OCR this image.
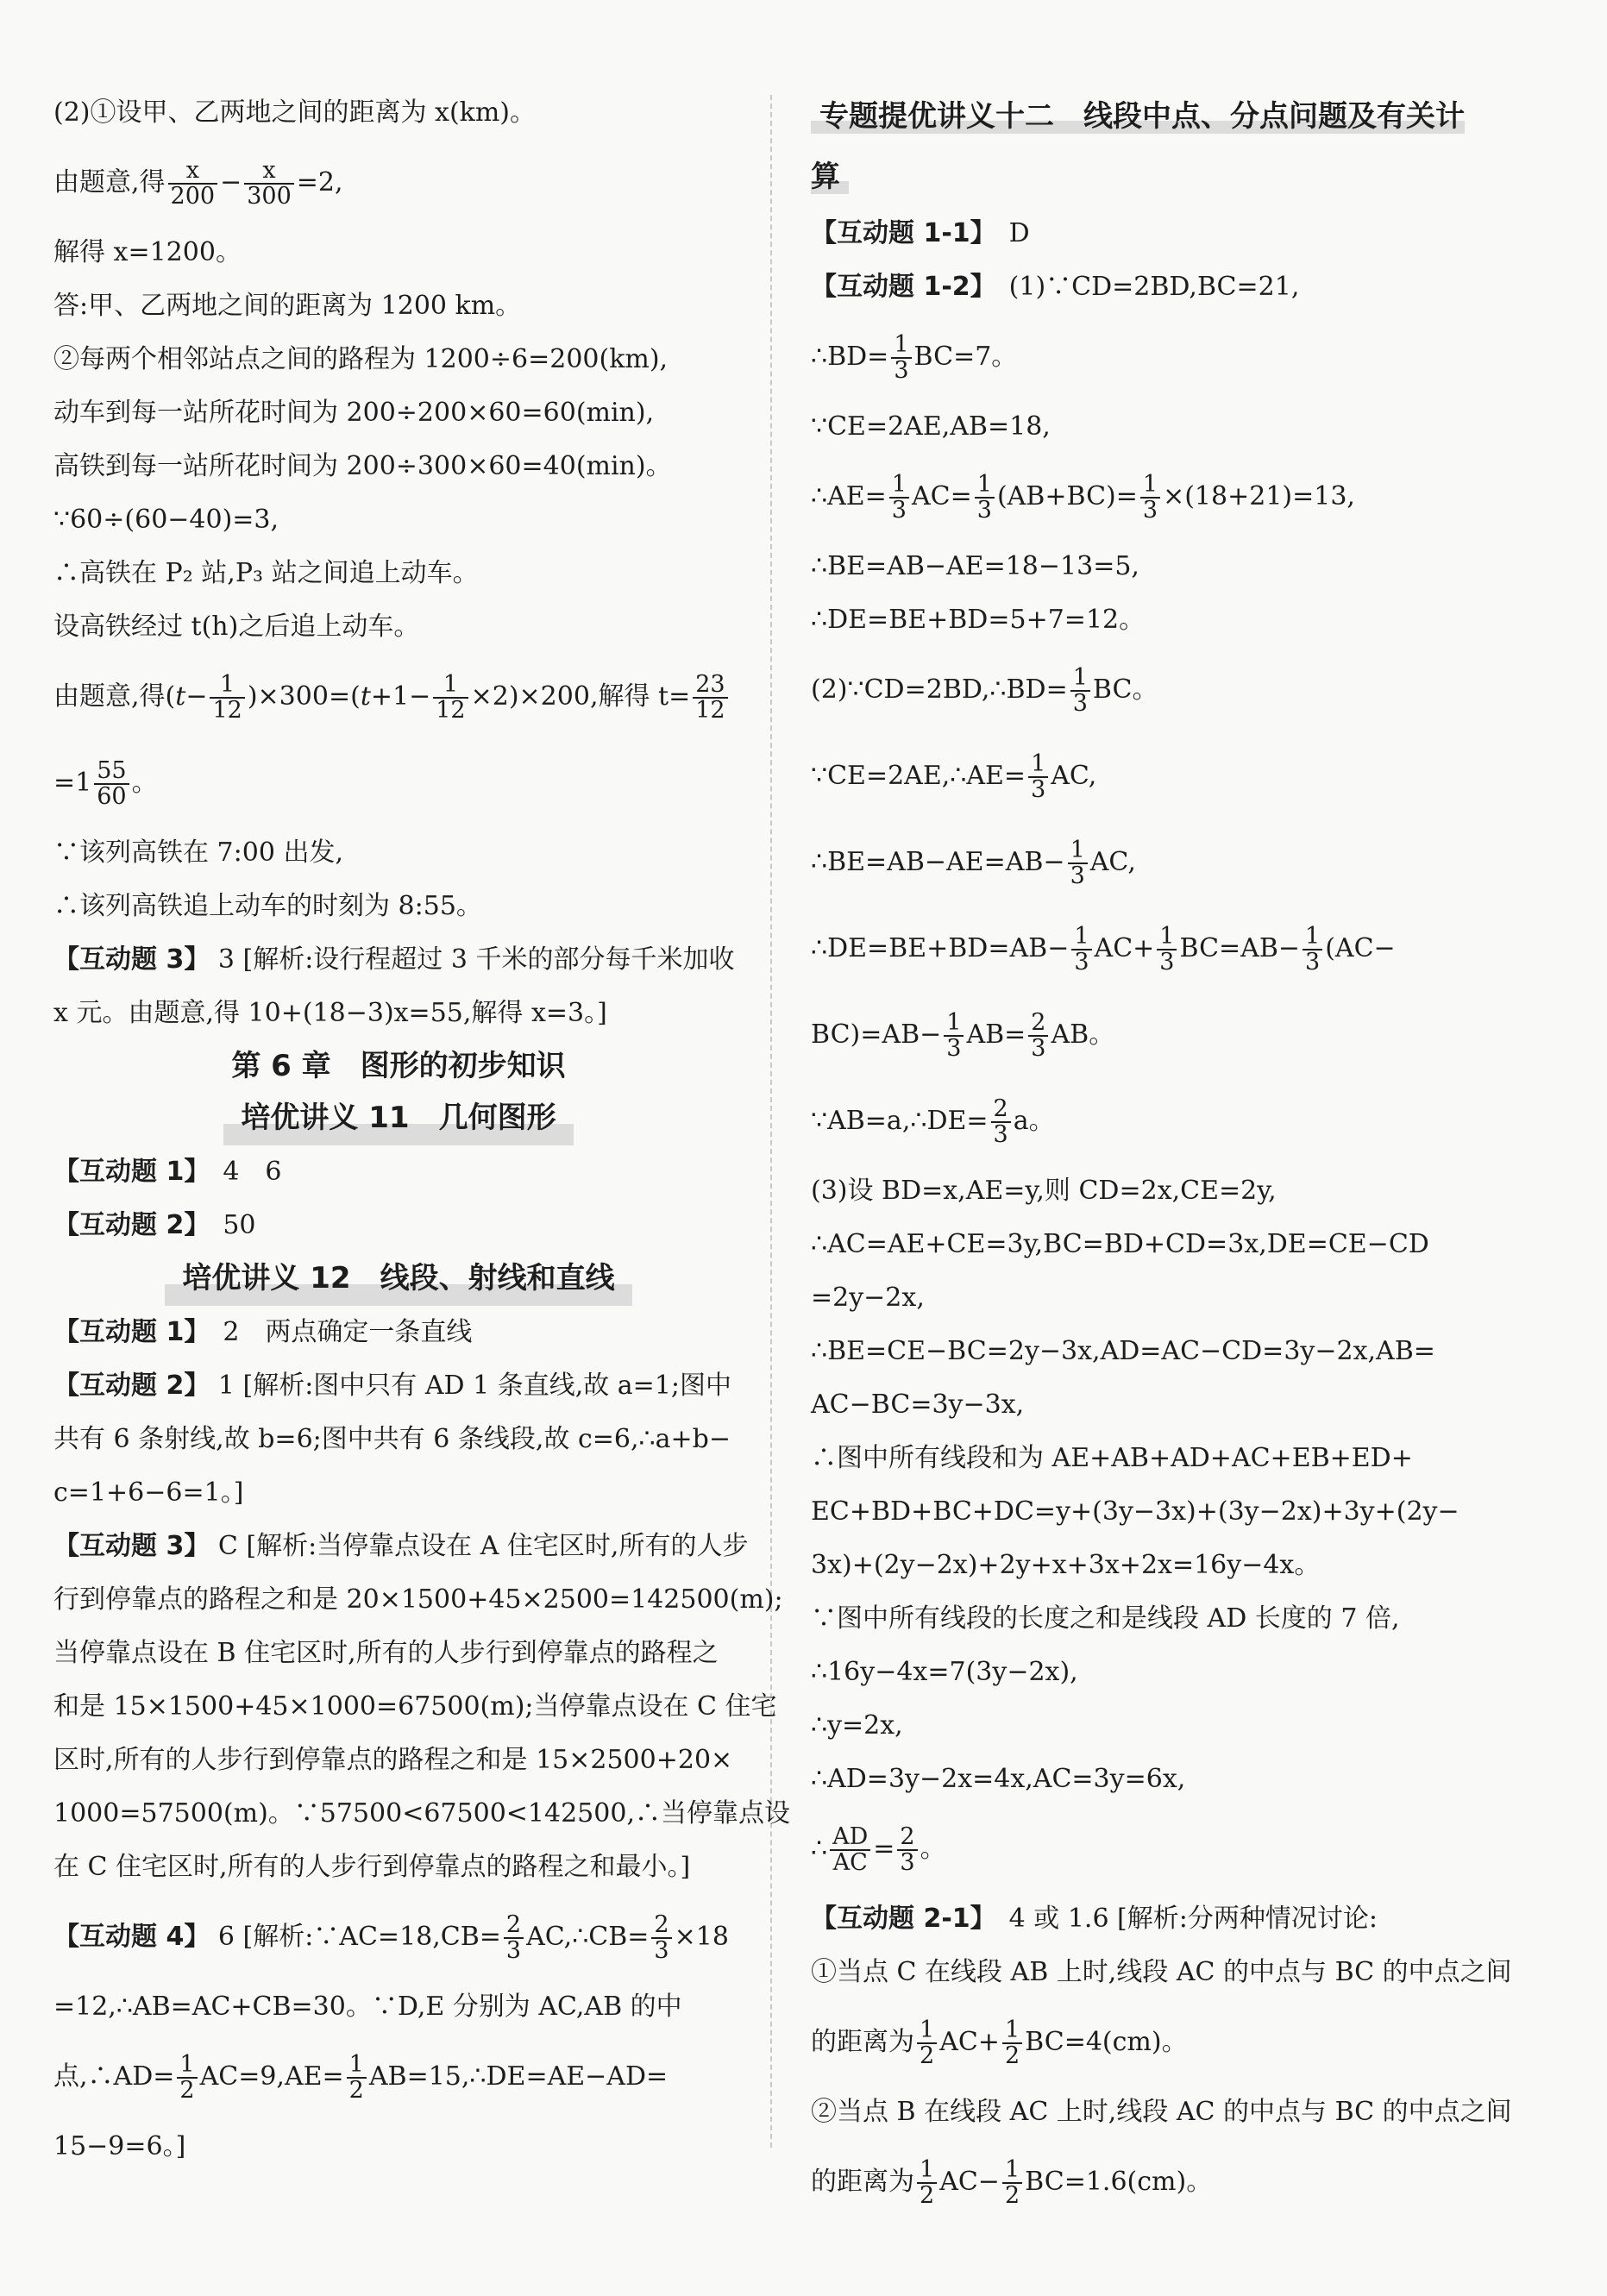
(2)①设甲、乙两地之间的距离为 x(km)。
由题意,得 $\frac{x}{200} - \frac{x}{300} =2$,
解得 x=1200。
答:甲、乙两地之间的距离为 1200 km。
②每两个相邻站点之间的路程为 1200÷6=200(km),
动车到每一站所花时间为 200÷200×60=60(min),
高铁到每一站所花时间为 200÷300×60=40(min)。
∵60÷(60−40)=3,
∴高铁在 P₂ 站,P₃ 站之间追上动车。
设高铁经过 t(h)之后追上动车。
由题意,得$(t- \frac{1}{12} )\times 300=(t+1- \frac{1}{12} \times 2)\times 200$,解得 $t= \frac{23}{12}$
$=1 \frac{55}{60}$ 。
∵该列高铁在 7:00 出发,
∴该列高铁追上动车的时刻为 8:55。
【互动题 3】 3 [解析:设行程超过 3 千米的部分每千米加收
x 元。由题意,得 10+(18−3)x=55,解得 x=3。]
第 6 章　图形的初步知识
培优讲义 11　几何图形
【互动题 1】　 4　6
【互动题 2】　 50
培优讲义 12　线段、射线和直线
【互动题 1】　 2　两点确定一条直线
【互动题 2】 1 [解析:图中只有 AD 1 条直线,故 a=1;图中
共有 6 条射线,故 b=6;图中共有 6 条线段,故 c=6,∴a+b−
c=1+6−6=1。]
【互动题 3】 C [解析:当停靠点设在 A 住宅区时,所有的人步
行到停靠点的路程之和是 20×1500+45×2500=142500(m);
当停靠点设在 B 住宅区时,所有的人步行到停靠点的路程之
和是 15×1500+45×1000=67500(m);当停靠点设在 C 住宅
区时,所有的人步行到停靠点的路程之和是 15×2500+20×
1000=57500(m)。∵57500<67500<142500,∴当停靠点设
在 C 住宅区时,所有的人步行到停靠点的路程之和最小。]
【互动题 4】 6 [解析:∵AC=18,CB= $\frac{2}{3}$ AC,∴CB= $\frac{2}{3} \times 18$
=12,∴AB=AC+CB=30。∵D,E 分别为 AC,AB 的中
点,∴AD= $\frac{1}{2} AC=9,AE= \frac{1}{2}$ AB=15,∴DE=AE−AD=
15−9=6。]
专题提优讲义十二　线段中点、分点问题及有关计算
【互动题 1-1】　 D
【互动题 1-2】　 (1)∵CD=2BD,BC=21,
∴BD= $\frac{1}{3} BC=7$。
∵CE=2AE,AB=18,
∴AE= $\frac{1}{3} AC= \frac{1}{3} (AB+BC)= \frac{1}{3} \times(18+21)=13$,
∴BE=AB−AE=18−13=5,
∴DE=BE+BD=5+7=12。
(2)∵CD=2BD,∴BD= $\frac{1}{3}$ BC。
∵CE=2AE,∴AE= $\frac{1}{3}$ AC,
∴BE=AB−AE=AB− $\frac{1}{3}$ AC,
∴DE=BE+BD=AB− $\frac{1}{3} AC+ \frac{1}{3} BC=AB- \frac{1}{3} (AC-$
$BC)=AB- \frac{1}{3} AB= \frac{2}{3}$ AB。
∵AB=a,∴DE= $\frac{2}{3}$ a。
(3)设 BD=x,AE=y,则 CD=2x,CE=2y,
∴AC=AE+CE=3y,BC=BD+CD=3x,DE=CE−CD
=2y−2x,
∴BE=CE−BC=2y−3x,AD=AC−CD=3y−2x,AB=
AC−BC=3y−3x,
∴图中所有线段和为 AE+AB+AD+AC+EB+ED+
EC+BD+BC+DC=y+(3y−3x)+(3y−2x)+3y+(2y−
3x)+(2y−2x)+2y+x+3x+2x=16y−4x。
∵图中所有线段的长度之和是线段 AD 长度的 7 倍,
∴16y−4x=7(3y−2x),
∴y=2x,
∴AD=3y−2x=4x,AC=3y=6x,
∴ $\frac{AD}{AC} = \frac{2}{3}$ 。
【互动题 2-1】　 4 或 1.6 [解析:分两种情况讨论:
①当点 C 在线段 AB 上时,线段 AC 的中点与 BC 的中点之间
的距离为 $\frac{1}{2} AC+ \frac{1}{2} BC=4(cm)$。
②当点 B 在线段 AC 上时,线段 AC 的中点与 BC 的中点之间
的距离为 $\frac{1}{2} AC- \frac{1}{2} BC=1.6(cm)$。
